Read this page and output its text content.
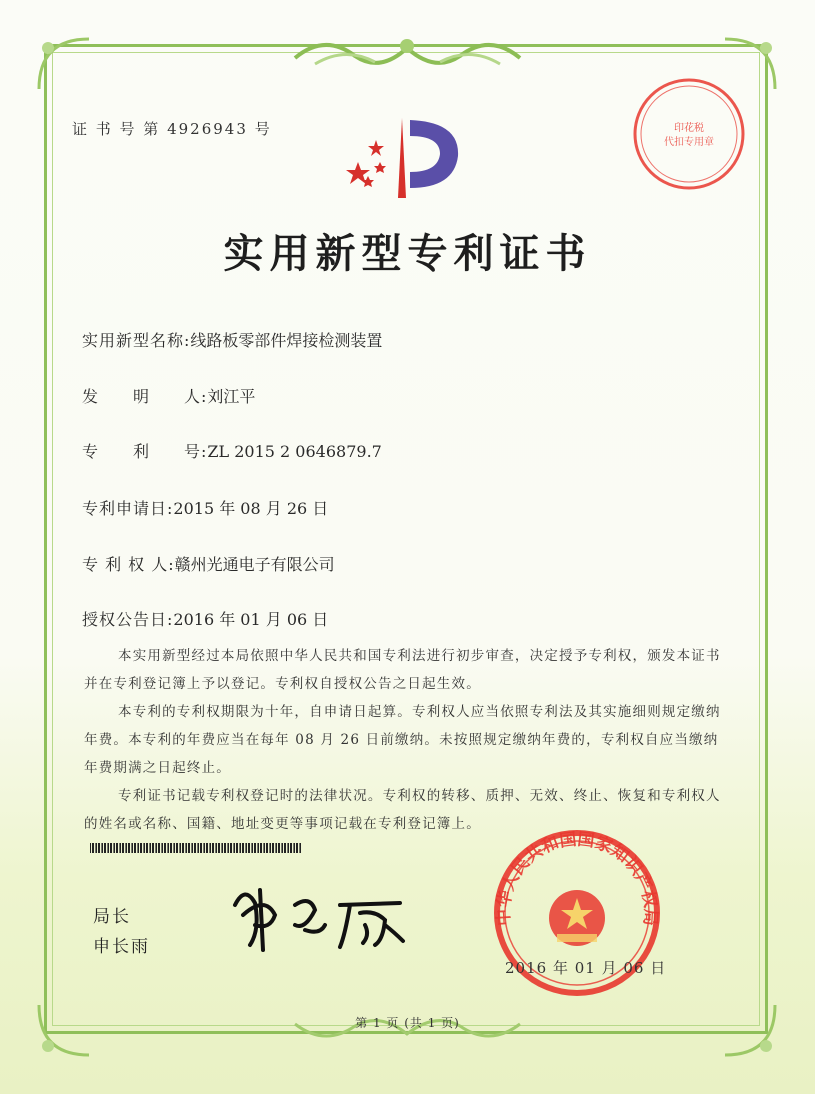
证 书 号 第 4926943 号	印花税
代扣专用章
实用新型专利证书
实用新型名称:线路板零部件焊接检测装置
发　　明　　人:刘江平
专　　利　　号:ZL 2015 2 0646879.7
专利申请日:2015 年 08 月 26 日
专 利 权 人:赣州光通电子有限公司
授权公告日:2016 年 01 月 06 日

本实用新型经过本局依照中华人民共和国专利法进行初步审查，决定授予专利权，颁发本证书并在专利登记簿上予以登记。专利权自授权公告之日起生效。

本专利的专利权期限为十年，自申请日起算。专利权人应当依照专利法及其实施细则规定缴纳年费。本专利的年费应当在每年 08 月 26 日前缴纳。未按照规定缴纳年费的，专利权自应当缴纳年费期满之日起终止。

专利证书记载专利权登记时的法律状况。专利权的转移、质押、无效、终止、恢复和专利权人的姓名或名称、国籍、地址变更等事项记载在专利登记簿上。

局长
申长雨
中华人民共和国国家知识产权局
2016 年 01 月 06 日
第 1 页 (共 1 页)
